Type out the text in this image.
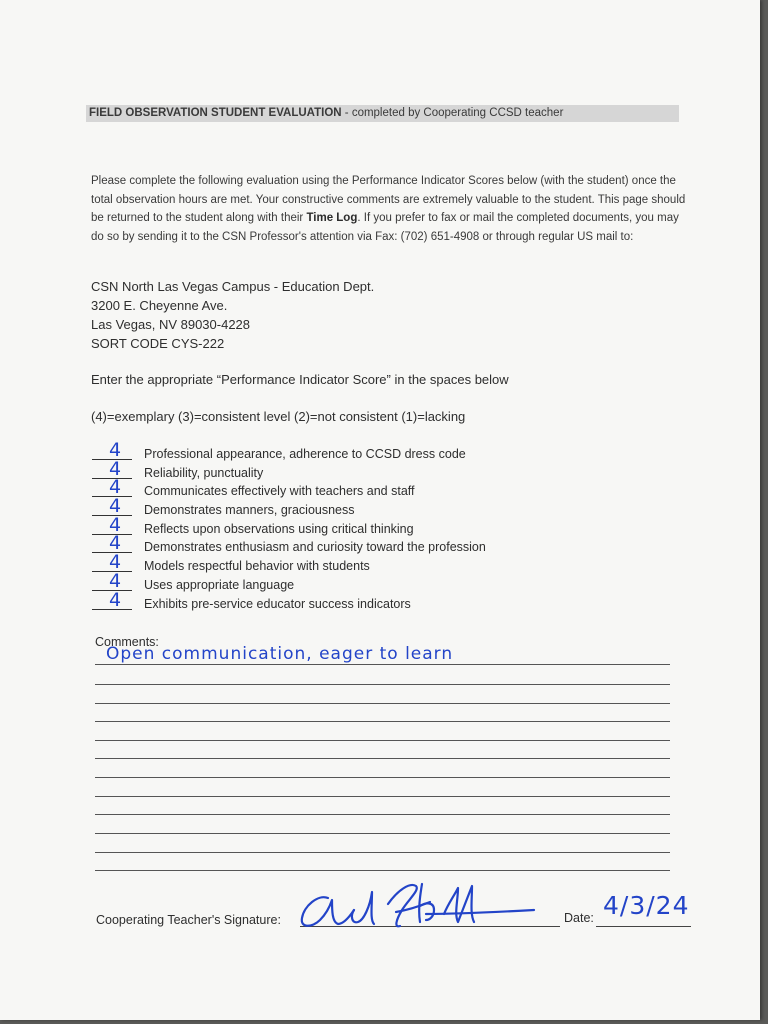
FIELD OBSERVATION STUDENT EVALUATION - completed by Cooperating CCSD teacher
Please complete the following evaluation using the Performance Indicator Scores below (with the student) once the total observation hours are met. Your constructive comments are extremely valuable to the student. This page should be returned to the student along with their Time Log. If you prefer to fax or mail the completed documents, you may do so by sending it to the CSN Professor's attention via Fax: (702) 651-4908 or through regular US mail to:
CSN North Las Vegas Campus - Education Dept.
3200 E. Cheyenne Ave.
Las Vegas, NV 89030-4228
SORT CODE CYS-222
Enter the appropriate “Performance Indicator Score” in the spaces below
(4)=exemplary (3)=consistent level (2)=not consistent (1)=lacking
4	Professional appearance, adherence to CCSD dress code
4	Reliability, punctuality
4	Communicates effectively with teachers and staff
4	Demonstrates manners, graciousness
4	Reflects upon observations using critical thinking
4	Demonstrates enthusiasm and curiosity toward the profession
4	Models respectful behavior with students
4	Uses appropriate language
4	Exhibits pre-service educator success indicators
Comments:
Open communication, eager to learn
Cooperating Teacher's Signature:	Date: 4/3/24
